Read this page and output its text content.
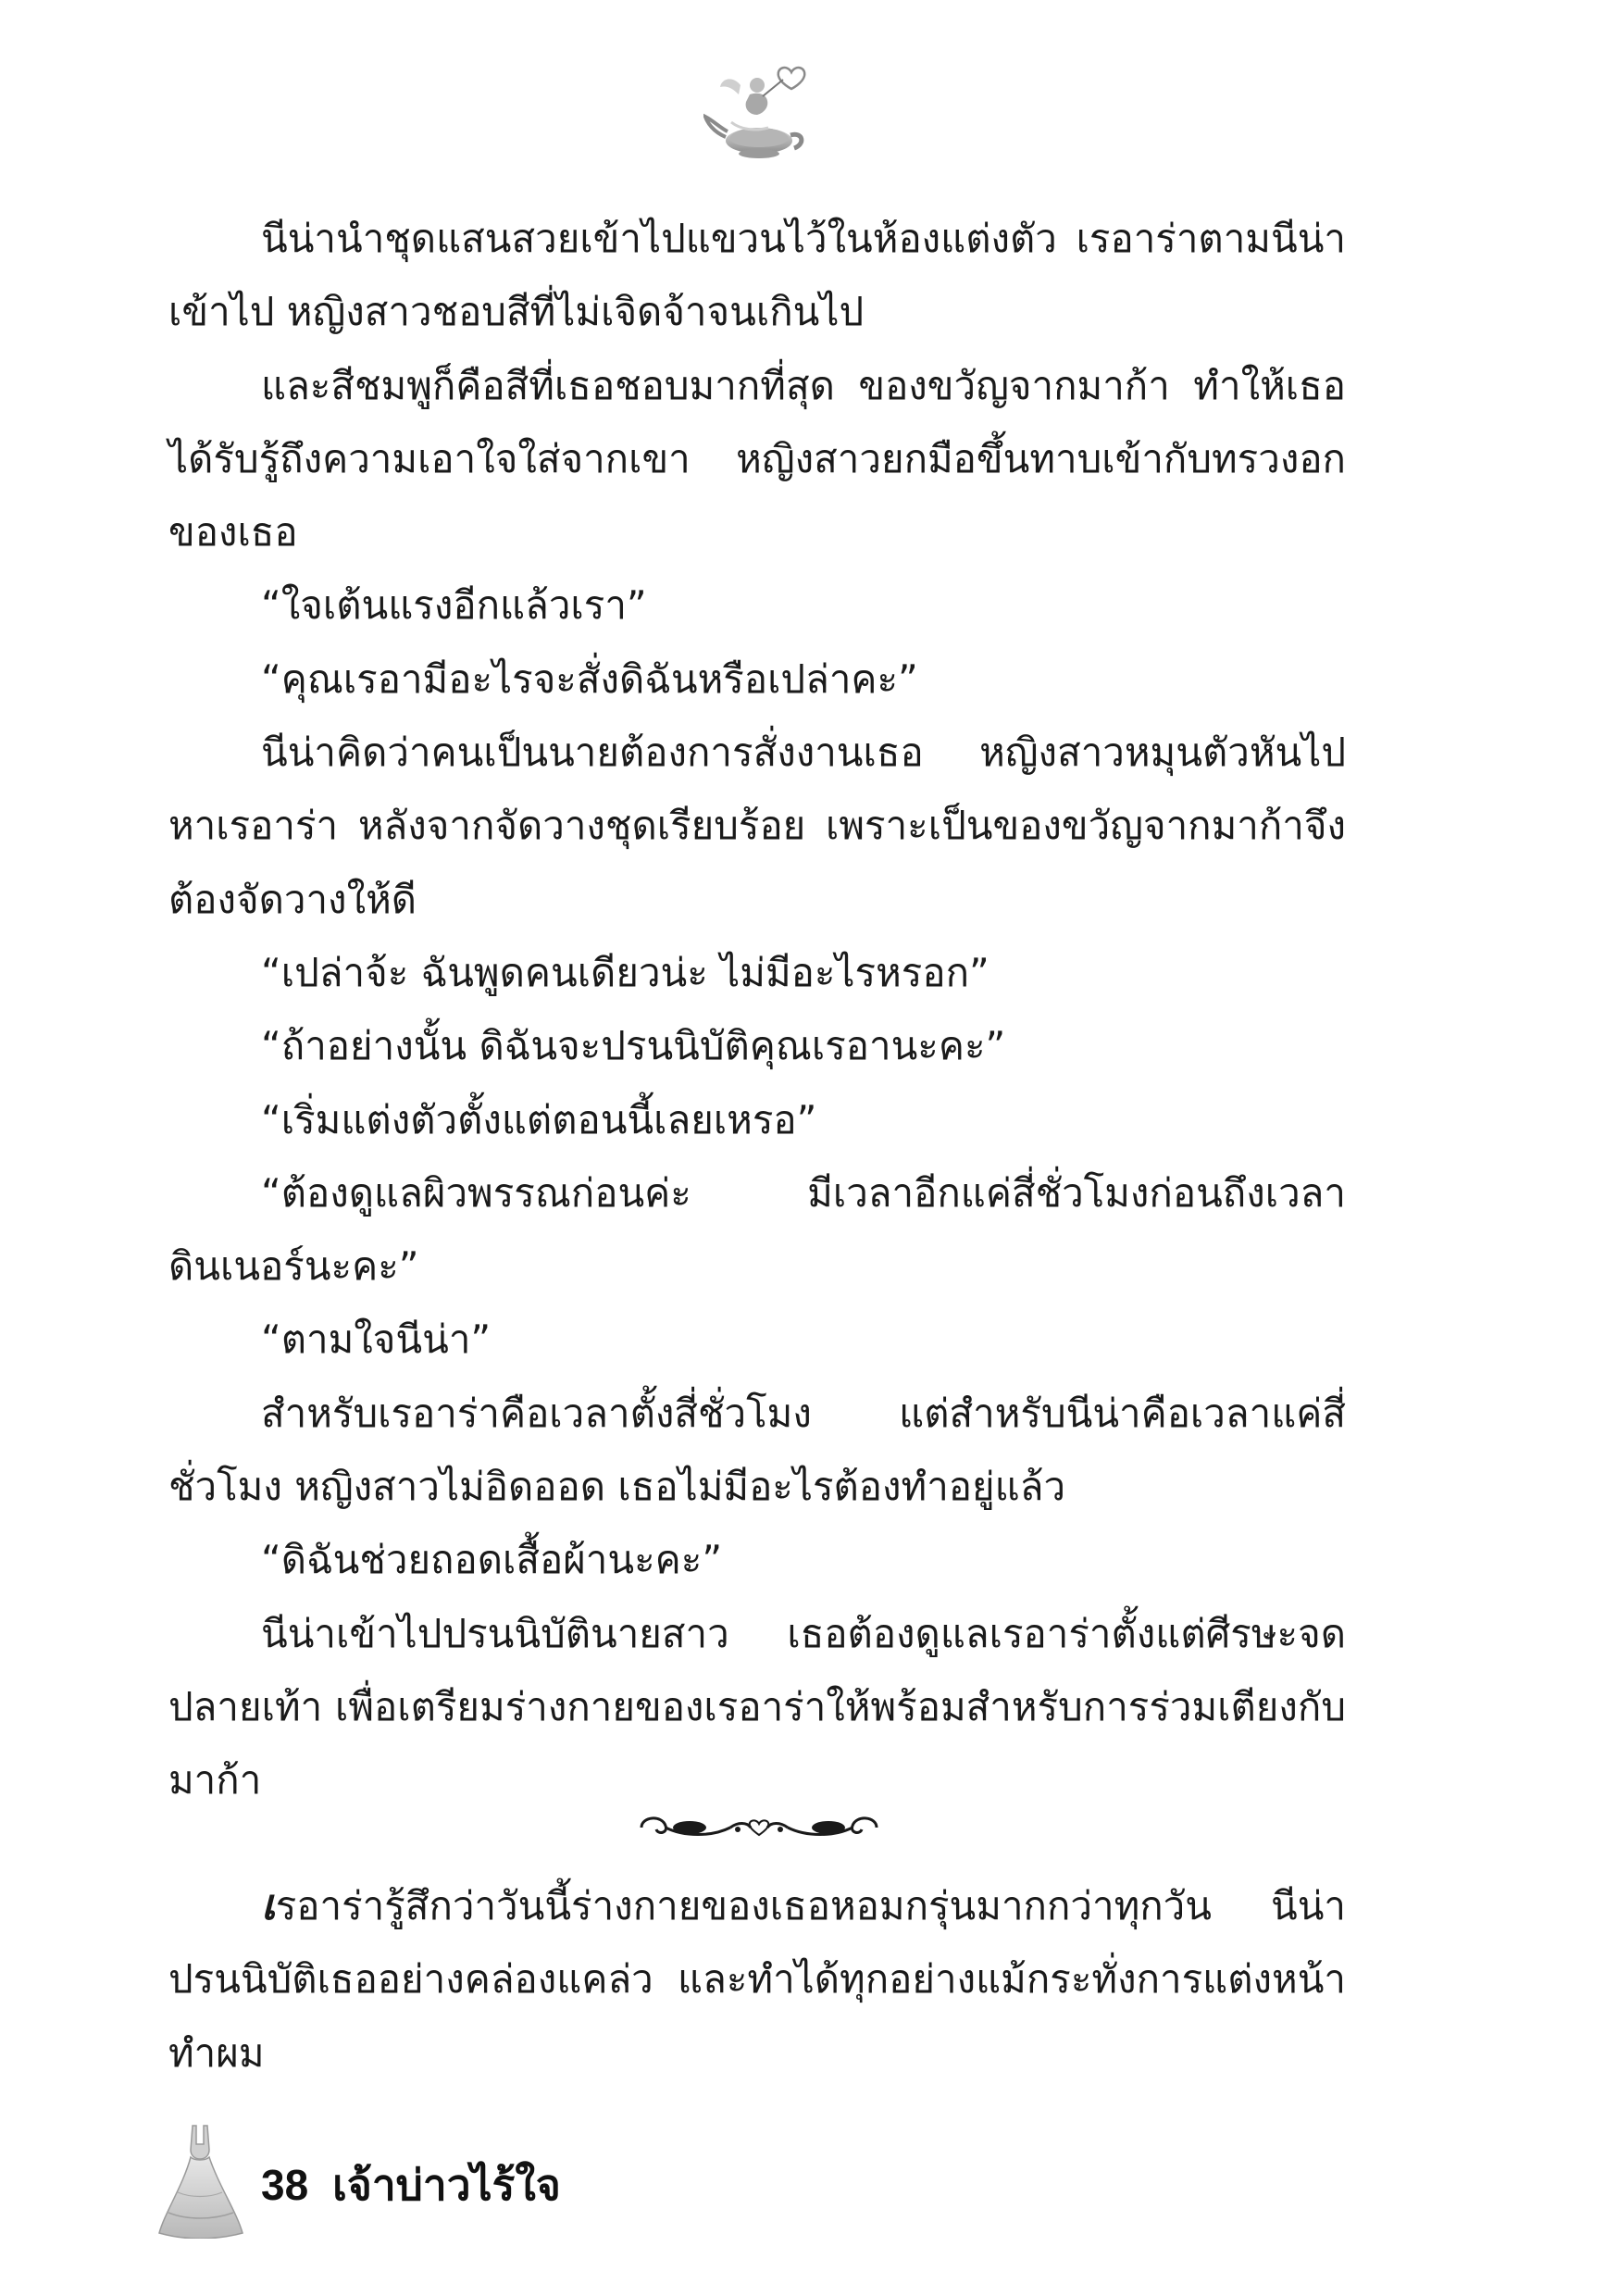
นีน่านำชุดแสนสวยเข้าไปแขวนไว้ในห้องแต่งตัว เรอาร่าตามนีน่าเข้าไป หญิงสาวชอบสีที่ไม่เจิดจ้าจนเกินไป

และสีชมพูก็คือสีที่เธอชอบมากที่สุด ของขวัญจากมาก้า ทำให้เธอได้รับรู้ถึงความเอาใจใส่จากเขา หญิงสาวยกมือขึ้นทาบเข้ากับทรวงอกของเธอ

“ใจเต้นแรงอีกแล้วเรา”

“คุณเรอามีอะไรจะสั่งดิฉันหรือเปล่าคะ”

นีน่าคิดว่าคนเป็นนายต้องการสั่งงานเธอ หญิงสาวหมุนตัวหันไปหาเรอาร่า หลังจากจัดวางชุดเรียบร้อย เพราะเป็นของขวัญจากมาก้าจึงต้องจัดวางให้ดี

“เปล่าจ้ะ ฉันพูดคนเดียวน่ะ ไม่มีอะไรหรอก”

“ถ้าอย่างนั้น ดิฉันจะปรนนิบัติคุณเรอานะคะ”

“เริ่มแต่งตัวตั้งแต่ตอนนี้เลยเหรอ”

“ต้องดูแลผิวพรรณก่อนค่ะ มีเวลาอีกแค่สี่ชั่วโมงก่อนถึงเวลาดินเนอร์นะคะ”

“ตามใจนีน่า”

สำหรับเรอาร่าคือเวลาตั้งสี่ชั่วโมง แต่สำหรับนีน่าคือเวลาแค่สี่ชั่วโมง หญิงสาวไม่อิดออด เธอไม่มีอะไรต้องทำอยู่แล้ว

“ดิฉันช่วยถอดเสื้อผ้านะคะ”

นีน่าเข้าไปปรนนิบัตินายสาว เธอต้องดูแลเรอาร่าตั้งแต่ศีรษะจดปลายเท้า เพื่อเตรียมร่างกายของเรอาร่าให้พร้อมสำหรับการร่วมเตียงกับมาก้า

เรอาร่ารู้สึกว่าวันนี้ร่างกายของเธอหอมกรุ่นมากกว่าทุกวัน นีน่าปรนนิบัติเธออย่างคล่องแคล่ว และทำได้ทุกอย่างแม้กระทั่งการแต่งหน้าทำผม

38 เจ้าบ่าวไร้ใจ
